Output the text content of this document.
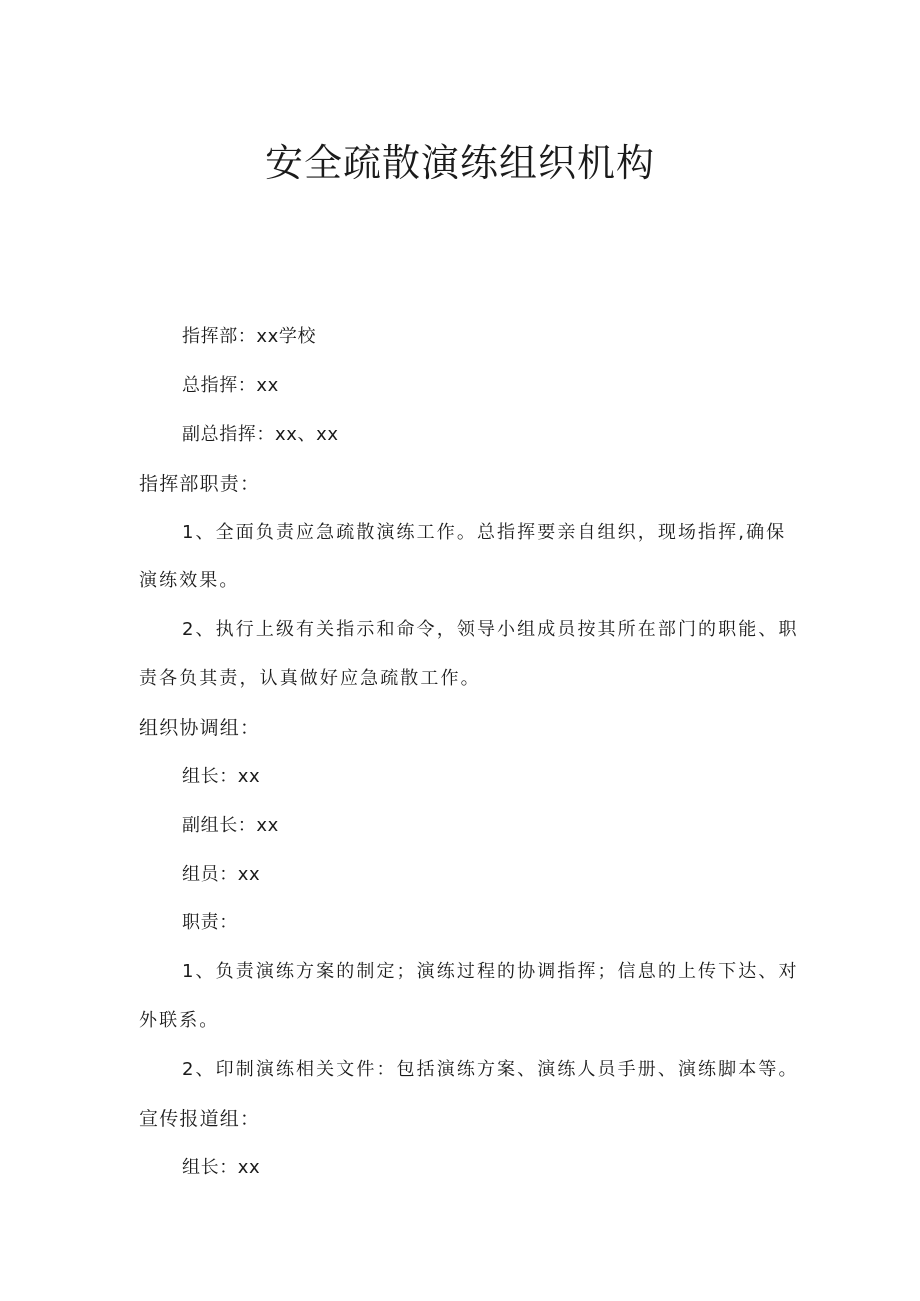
安全疏散演练组织机构
指挥部：xx学校
总指挥：xx
副总指挥：xx、xx
指挥部职责：
1、全面负责应急疏散演练工作。总指挥要亲自组织，现场指挥,确保
演练效果。
2、执行上级有关指示和命令，领导小组成员按其所在部门的职能、职
责各负其责，认真做好应急疏散工作。
组织协调组：
组长：xx
副组长：xx
组员：xx
职责：
1、负责演练方案的制定；演练过程的协调指挥；信息的上传下达、对
外联系。
2、印制演练相关文件：包括演练方案、演练人员手册、演练脚本等。
宣传报道组：
组长：xx
